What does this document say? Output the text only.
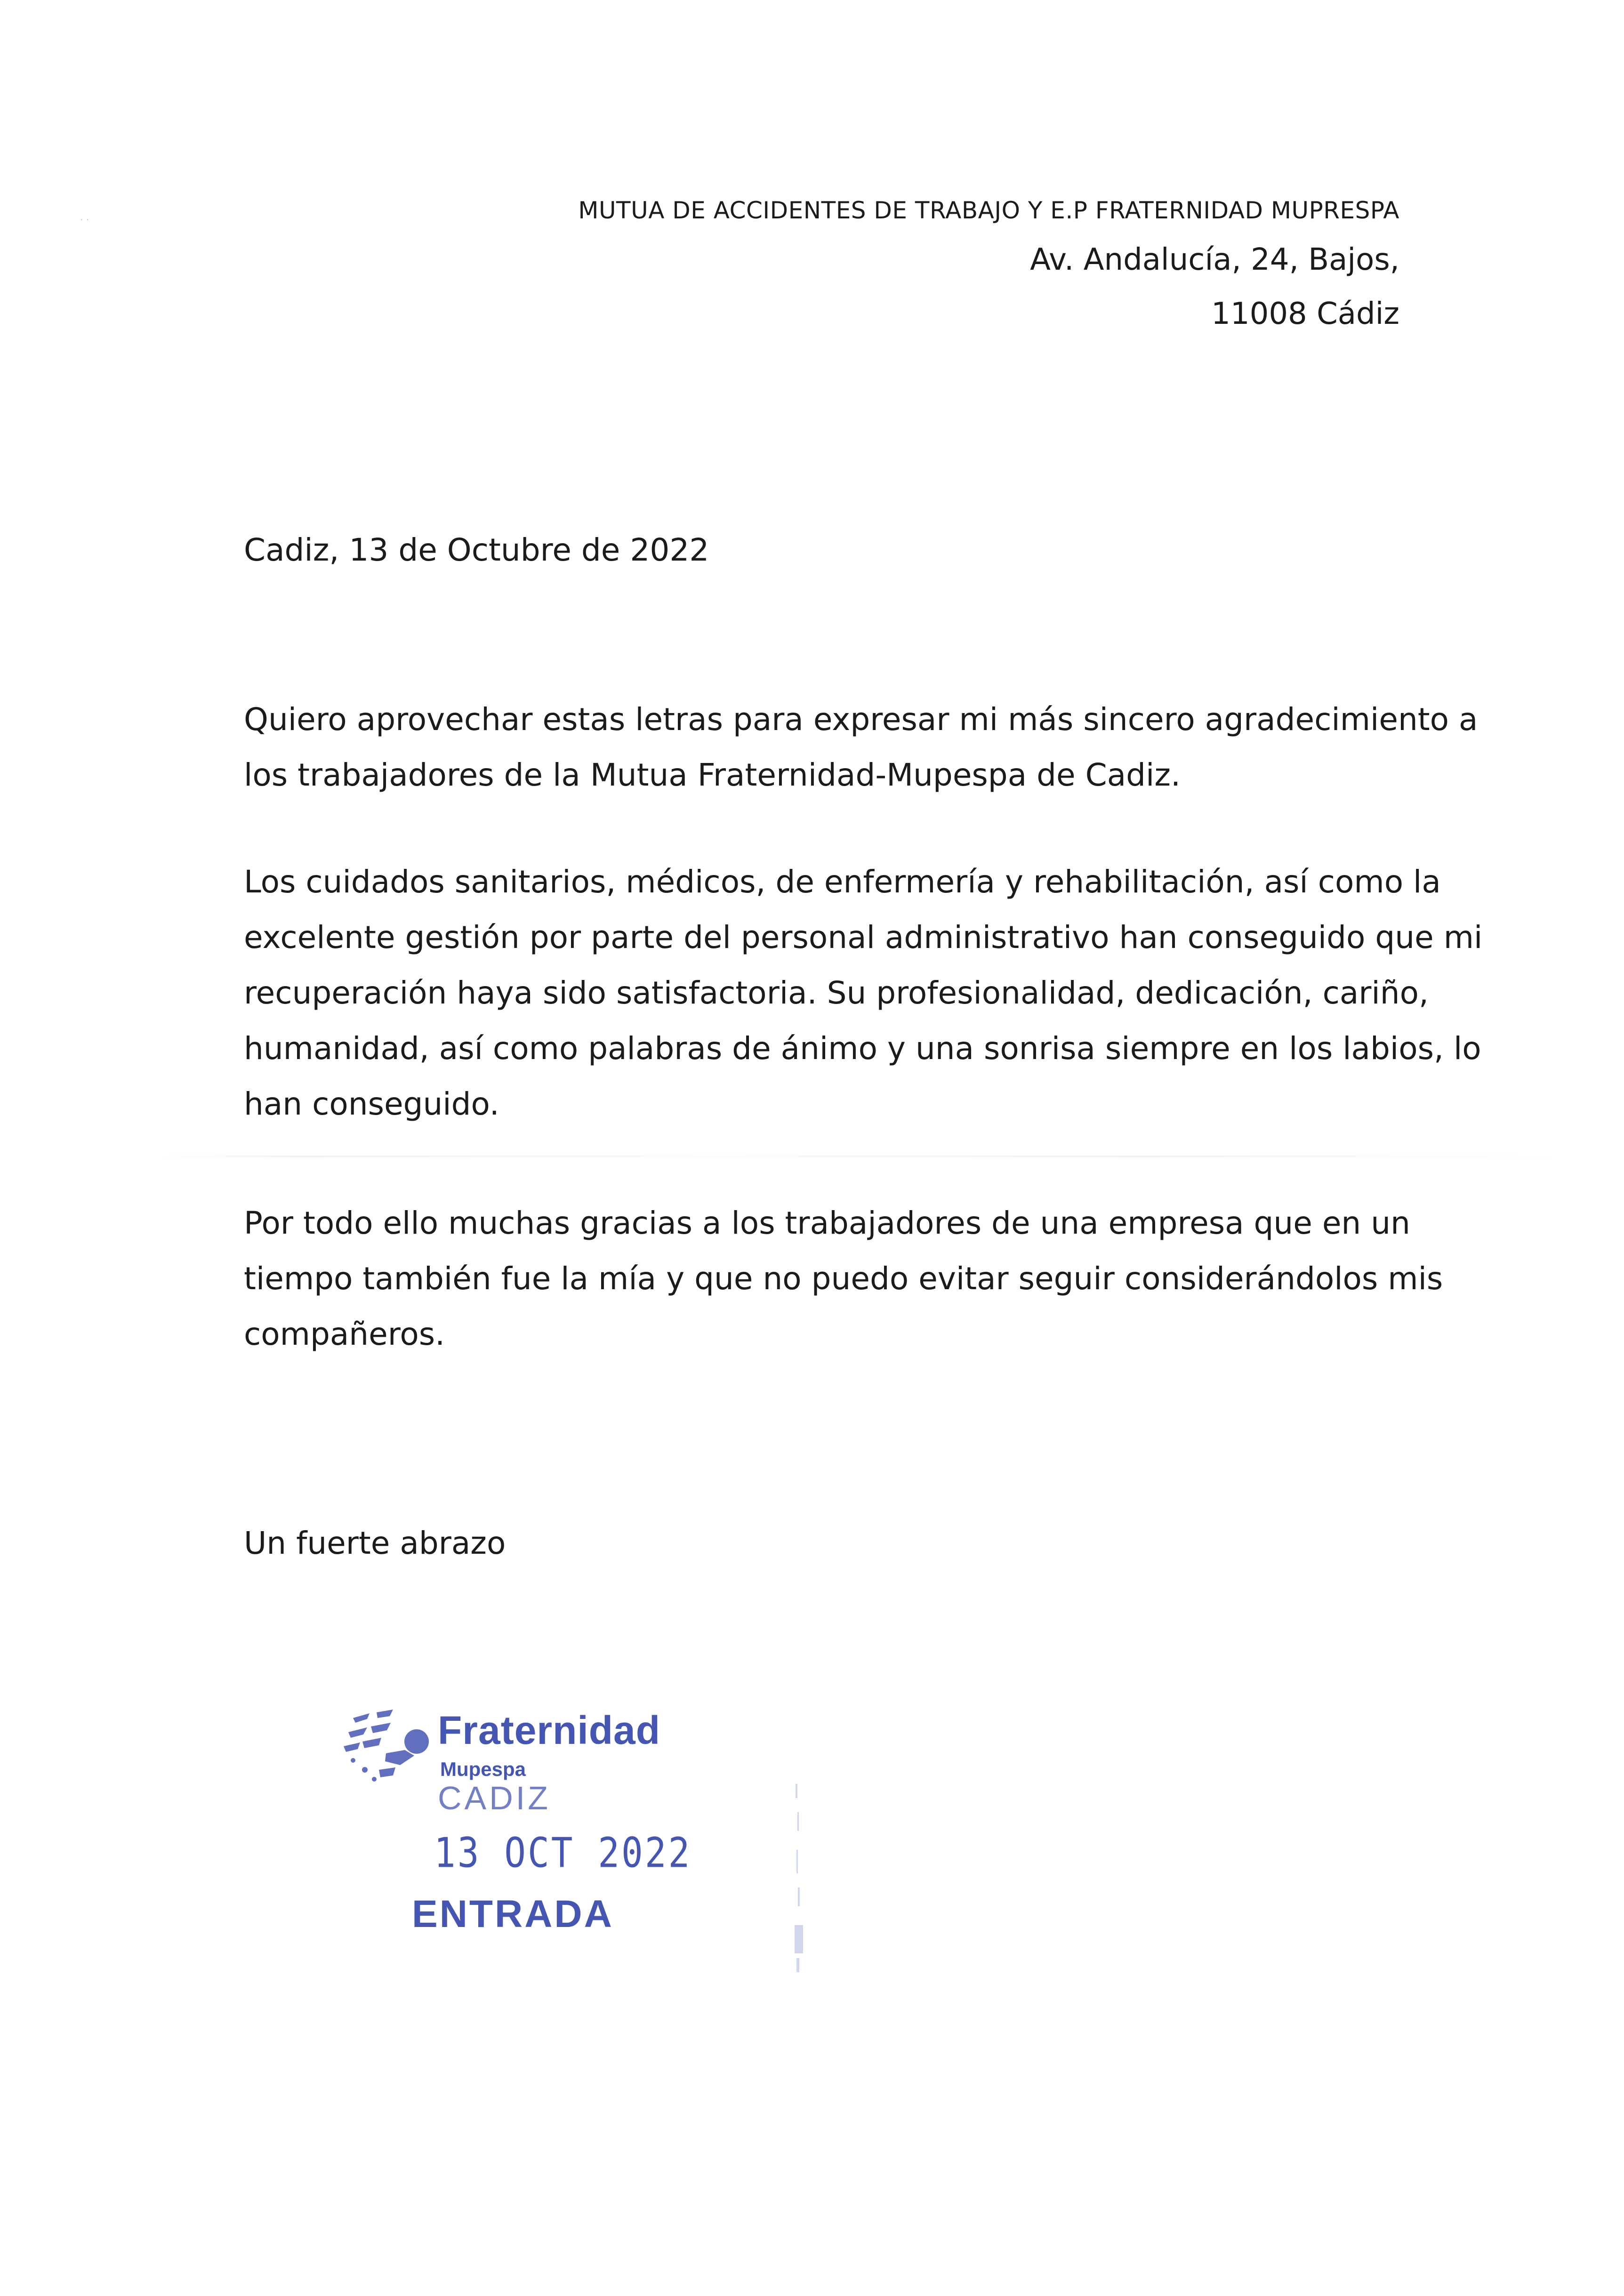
· ·	MUTUA DE ACCIDENTES DE TRABAJO Y E.P FRATERNIDAD MUPRESPA
Av. Andalucía, 24, Bajos,
11008 Cádiz
Cadiz, 13 de Octubre de 2022
Quiero aprovechar estas letras para expresar mi más sincero agradecimiento a
los trabajadores de la Mutua Fraternidad-Mupespa de Cadiz.
Los cuidados sanitarios, médicos, de enfermería y rehabilitación, así como la
excelente gestión por parte del personal administrativo han conseguido que mi
recuperación haya sido satisfactoria. Su profesionalidad, dedicación, cariño,
humanidad, así como palabras de ánimo y una sonrisa siempre en los labios, lo
han conseguido.
Por todo ello muchas gracias a los trabajadores de una empresa que en un
tiempo también fue la mía y que no puedo evitar seguir considerándolos mis
compañeros.
Un fuerte abrazo
Fraternidad
Mupespa
CADIZ
13 OCT 2022
ENTRADA
